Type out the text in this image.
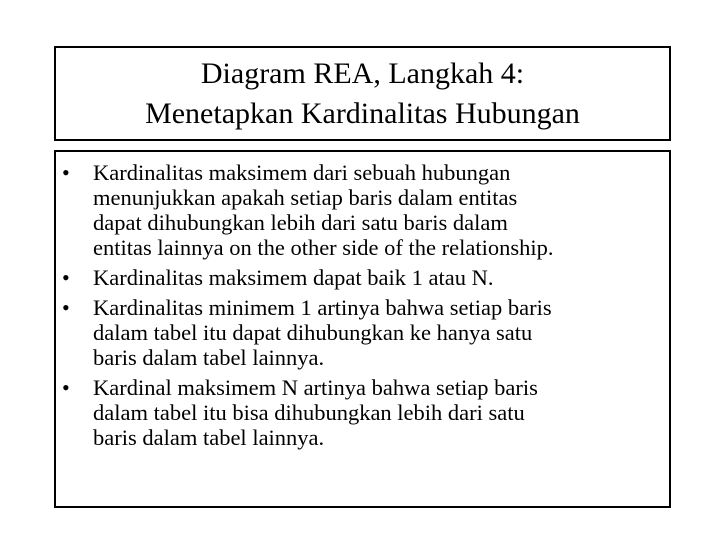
Diagram REA, Langkah 4:
Menetapkan Kardinalitas Hubungan
• Kardinalitas maksimem dari sebuah hubungan
menunjukkan apakah setiap baris dalam entitas
dapat dihubungkan lebih dari satu baris dalam
entitas lainnya on the other side of the relationship.
• Kardinalitas maksimem dapat baik 1 atau N.
• Kardinalitas minimem 1 artinya bahwa setiap baris
dalam tabel itu dapat dihubungkan ke hanya satu
baris dalam tabel lainnya.
• Kardinal maksimem N artinya bahwa setiap baris
dalam tabel itu bisa dihubungkan lebih dari satu
baris dalam tabel lainnya.
